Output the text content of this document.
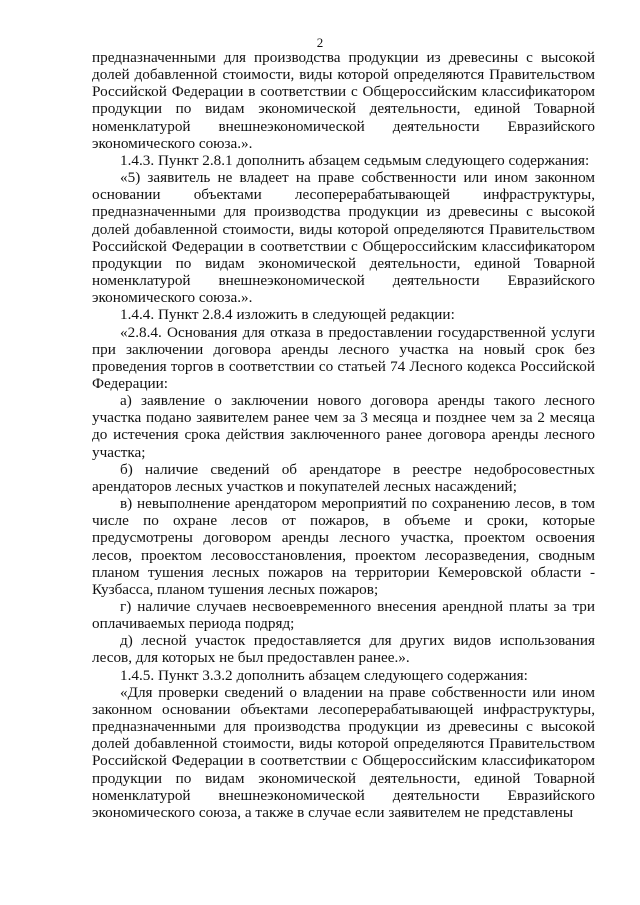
2

предназначенными для производства продукции из древесины с высокой долей добавленной стоимости, виды которой определяются Правительством Российской Федерации в соответствии с Общероссийским классификатором продукции по видам экономической деятельности, единой Товарной номенклатурой внешнеэкономической деятельности Евразийского экономического союза.».

1.4.3. Пункт 2.8.1 дополнить абзацем седьмым следующего содержания:

«5) заявитель не владеет на праве собственности или ином законном основании объектами лесоперерабатывающей инфраструктуры, предназначенными для производства продукции из древесины с высокой долей добавленной стоимости, виды которой определяются Правительством Российской Федерации в соответствии с Общероссийским классификатором продукции по видам экономической деятельности, единой Товарной номенклатурой внешнеэкономической деятельности Евразийского экономического союза.».

1.4.4. Пункт 2.8.4 изложить в следующей редакции:

«2.8.4. Основания для отказа в предоставлении государственной услуги при заключении договора аренды лесного участка на новый срок без проведения торгов в соответствии со статьей 74 Лесного кодекса Российской Федерации:

а) заявление о заключении нового договора аренды такого лесного участка подано заявителем ранее чем за 3 месяца и позднее чем за 2 месяца до истечения срока действия заключенного ранее договора аренды лесного участка;

б) наличие сведений об арендаторе в реестре недобросовестных арендаторов лесных участков и покупателей лесных насаждений;

в) невыполнение арендатором мероприятий по сохранению лесов, в том числе по охране лесов от пожаров, в объеме и сроки, которые предусмотрены договором аренды лесного участка, проектом освоения лесов, проектом лесовосстановления, проектом лесоразведения, сводным планом тушения лесных пожаров на территории Кемеровской области - Кузбасса, планом тушения лесных пожаров;

г) наличие случаев несвоевременного внесения арендной платы за три оплачиваемых периода подряд;

д) лесной участок предоставляется для других видов использования лесов, для которых не был предоставлен ранее.».

1.4.5. Пункт 3.3.2 дополнить абзацем следующего содержания:

«Для проверки сведений о владении на праве собственности или ином законном основании объектами лесоперерабатывающей инфраструктуры, предназначенными для производства продукции из древесины с высокой долей добавленной стоимости, виды которой определяются Правительством Российской Федерации в соответствии с Общероссийским классификатором продукции по видам экономической деятельности, единой Товарной номенклатурой внешнеэкономической деятельности Евразийского экономического союза, а также в случае если заявителем не представлены
